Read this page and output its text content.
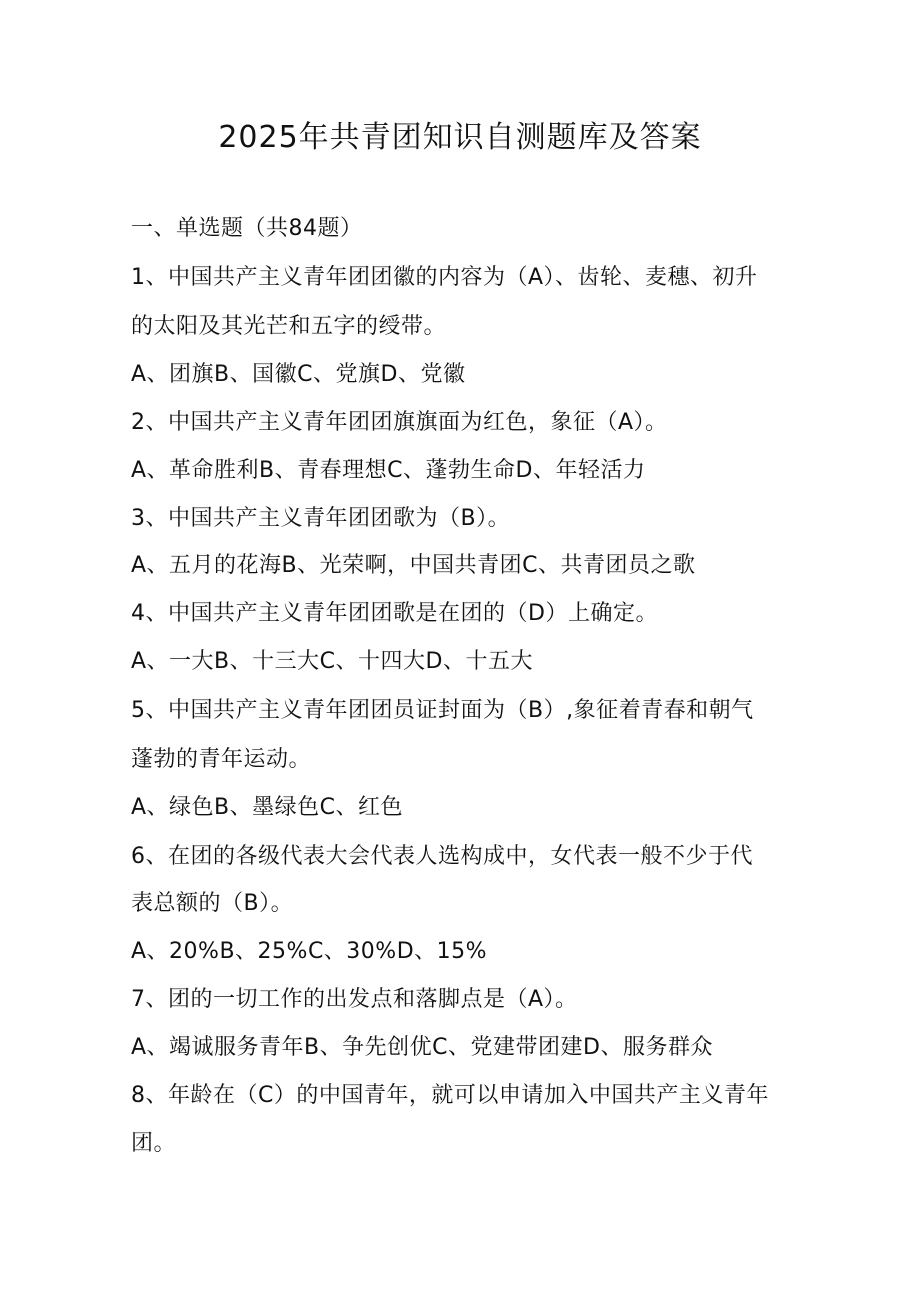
2025年共青团知识自测题库及答案
一、单选题（共84题）
1、中国共产主义青年团团徽的内容为（A）、齿轮、麦穗、初升
的太阳及其光芒和五字的绶带。
A、团旗B、国徽C、党旗D、党徽
2、中国共产主义青年团团旗旗面为红色，象征（A）。
A、革命胜利B、青春理想C、蓬勃生命D、年轻活力
3、中国共产主义青年团团歌为（B）。
A、五月的花海B、光荣啊，中国共青团C、共青团员之歌
4、中国共产主义青年团团歌是在团的（D）上确定。
A、一大B、十三大C、十四大D、十五大
5、中国共产主义青年团团员证封面为（B）,象征着青春和朝气
蓬勃的青年运动。
A、绿色B、墨绿色C、红色
6、在团的各级代表大会代表人选构成中，女代表一般不少于代
表总额的（B）。
A、20%B、25%C、30%D、15%
7、团的一切工作的出发点和落脚点是（A）。
A、竭诚服务青年B、争先创优C、党建带团建D、服务群众
8、年龄在（C）的中国青年，就可以申请加入中国共产主义青年
团。
